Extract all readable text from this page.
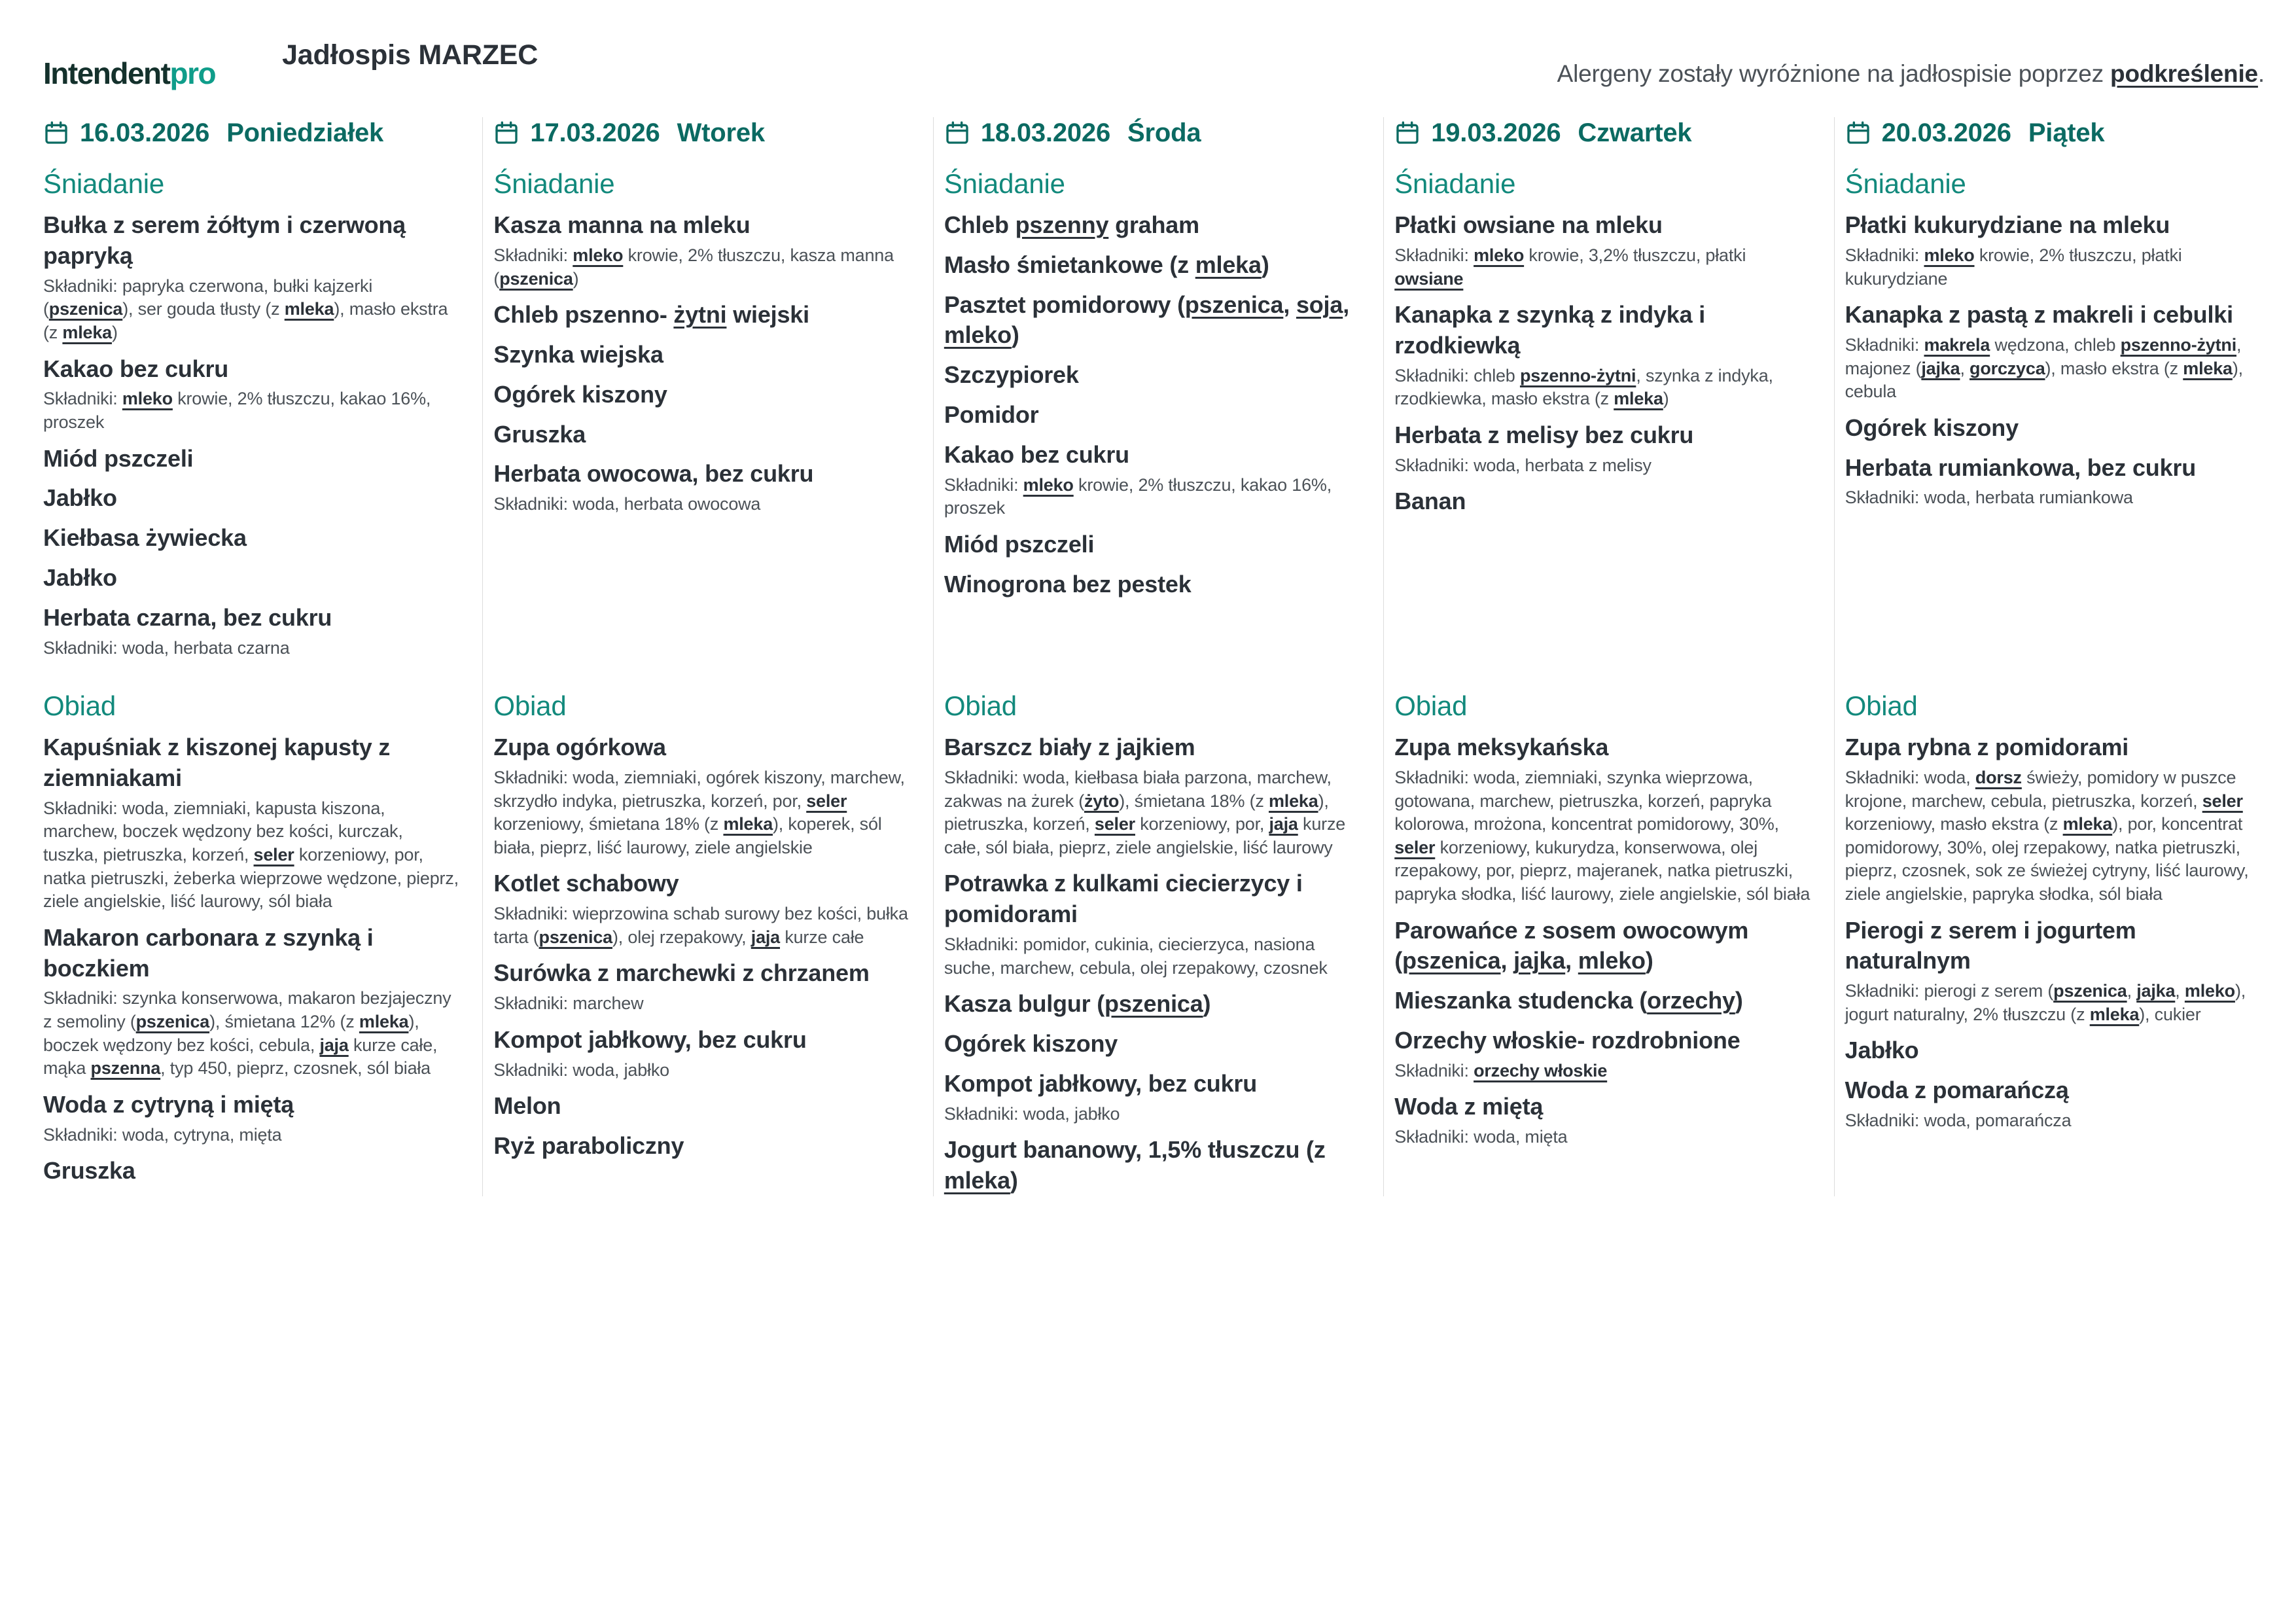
Intendentpro
Jadłospis MARZEC
Alergeny zostały wyróżnione na jadłospisie poprzez podkreślenie.
16.03.2026 Poniedziałek
Śniadanie
Bułka z serem żółtym i czerwoną papryką
Składniki: papryka czerwona, bułki kajzerki (pszenica), ser gouda tłusty (z mleka), masło ekstra (z mleka)
Kakao bez cukru
Składniki: mleko krowie, 2% tłuszczu, kakao 16%, proszek
Miód pszczeli
Jabłko
Kiełbasa żywiecka
Jabłko
Herbata czarna, bez cukru
Składniki: woda, herbata czarna
Obiad
Kapuśniak z kiszonej kapusty z ziemniakami
Składniki: woda, ziemniaki, kapusta kiszona, marchew, boczek wędzony bez kości, kurczak, tuszka, pietruszka, korzeń, seler korzeniowy, por, natka pietruszki, żeberka wieprzowe wędzone, pieprz, ziele angielskie, liść laurowy, sól biała
Makaron carbonara z szynką i boczkiem
Składniki: szynka konserwowa, makaron bezjajeczny z semoliny (pszenica), śmietana 12% (z mleka), boczek wędzony bez kości, cebula, jaja kurze całe, mąka pszenna, typ 450, pieprz, czosnek, sól biała
Woda z cytryną i miętą
Składniki: woda, cytryna, mięta
Gruszka
17.03.2026 Wtorek
Śniadanie
Kasza manna na mleku
Składniki: mleko krowie, 2% tłuszczu, kasza manna (pszenica)
Chleb pszenno- żytni wiejski
Szynka wiejska
Ogórek kiszony
Gruszka
Herbata owocowa, bez cukru
Składniki: woda, herbata owocowa
Obiad
Zupa ogórkowa
Składniki: woda, ziemniaki, ogórek kiszony, marchew, skrzydło indyka, pietruszka, korzeń, por, seler korzeniowy, śmietana 18% (z mleka), koperek, sól biała, pieprz, liść laurowy, ziele angielskie
Kotlet schabowy
Składniki: wieprzowina schab surowy bez kości, bułka tarta (pszenica), olej rzepakowy, jaja kurze całe
Surówka z marchewki z chrzanem
Składniki: marchew
Kompot jabłkowy, bez cukru
Składniki: woda, jabłko
Melon
Ryż paraboliczny
18.03.2026 Środa
Śniadanie
Chleb pszenny graham
Masło śmietankowe (z mleka)
Pasztet pomidorowy (pszenica, soja, mleko)
Szczypiorek
Pomidor
Kakao bez cukru
Składniki: mleko krowie, 2% tłuszczu, kakao 16%, proszek
Miód pszczeli
Winogrona bez pestek
Obiad
Barszcz biały z jajkiem
Składniki: woda, kiełbasa biała parzona, marchew, zakwas na żurek (żyto), śmietana 18% (z mleka), pietruszka, korzeń, seler korzeniowy, por, jaja kurze całe, sól biała, pieprz, ziele angielskie, liść laurowy
Potrawka z kulkami ciecierzycy i pomidorami
Składniki: pomidor, cukinia, ciecierzyca, nasiona suche, marchew, cebula, olej rzepakowy, czosnek
Kasza bulgur (pszenica)
Ogórek kiszony
Kompot jabłkowy, bez cukru
Składniki: woda, jabłko
Jogurt bananowy, 1,5% tłuszczu (z mleka)
19.03.2026 Czwartek
Śniadanie
Płatki owsiane na mleku
Składniki: mleko krowie, 3,2% tłuszczu, płatki owsiane
Kanapka z szynką z indyka i rzodkiewką
Składniki: chleb pszenno-żytni, szynka z indyka, rzodkiewka, masło ekstra (z mleka)
Herbata z melisy bez cukru
Składniki: woda, herbata z melisy
Banan
Obiad
Zupa meksykańska
Składniki: woda, ziemniaki, szynka wieprzowa, gotowana, marchew, pietruszka, korzeń, papryka kolorowa, mrożona, koncentrat pomidorowy, 30%, seler korzeniowy, kukurydza, konserwowa, olej rzepakowy, por, pieprz, majeranek, natka pietruszki, papryka słodka, liść laurowy, ziele angielskie, sól biała
Parowańce z sosem owocowym (pszenica, jajka, mleko)
Mieszanka studencka (orzechy)
Orzechy włoskie- rozdrobnione
Składniki: orzechy włoskie
Woda z miętą
Składniki: woda, mięta
20.03.2026 Piątek
Śniadanie
Płatki kukurydziane na mleku
Składniki: mleko krowie, 2% tłuszczu, płatki kukurydziane
Kanapka z pastą z makreli i cebulki
Składniki: makrela wędzona, chleb pszenno-żytni, majonez (jajka, gorczyca), masło ekstra (z mleka), cebula
Ogórek kiszony
Herbata rumiankowa, bez cukru
Składniki: woda, herbata rumiankowa
Obiad
Zupa rybna z pomidorami
Składniki: woda, dorsz świeży, pomidory w puszce krojone, marchew, cebula, pietruszka, korzeń, seler korzeniowy, masło ekstra (z mleka), por, koncentrat pomidorowy, 30%, olej rzepakowy, natka pietruszki, pieprz, czosnek, sok ze świeżej cytryny, liść laurowy, ziele angielskie, papryka słodka, sól biała
Pierogi z serem i jogurtem naturalnym
Składniki: pierogi z serem (pszenica, jajka, mleko), jogurt naturalny, 2% tłuszczu (z mleka), cukier
Jabłko
Woda z pomarańczą
Składniki: woda, pomarańcza
